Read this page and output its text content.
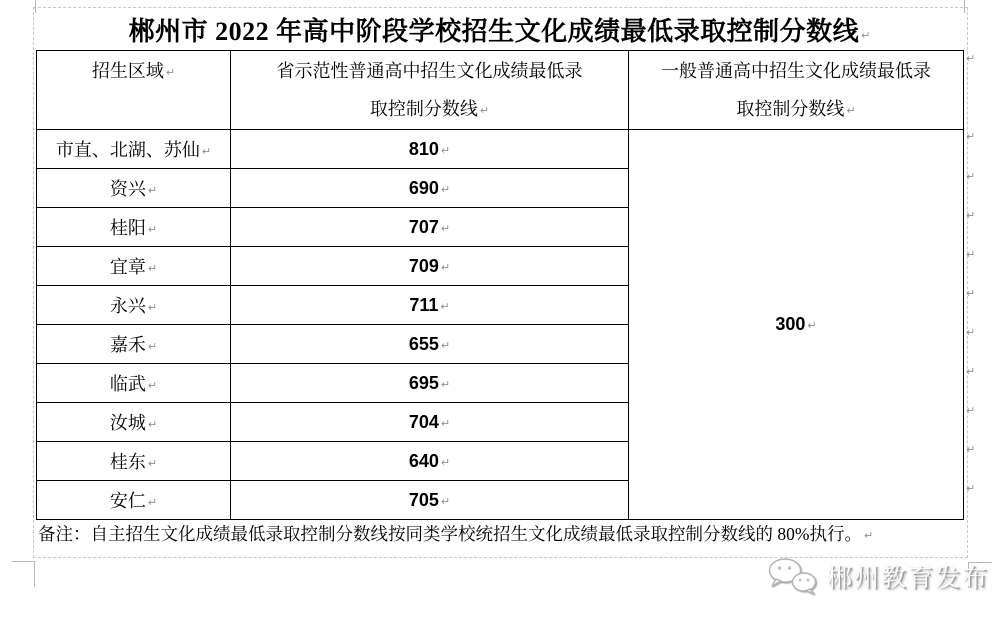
郴州市 2022 年高中阶段学校招生文化成绩最低录取控制分数线 ↵
招生区域 ↵	省示范性普通高中招生文化成绩最低录
取控制分数线 ↵	一般普通高中招生文化成绩最低录
取控制分数线 ↵

市直、北湖、苏仙 ↵	810 ↵	300 ↵
资兴 ↵	690 ↵	
桂阳 ↵	707 ↵	
宜章 ↵	709 ↵	
永兴 ↵	711 ↵	
嘉禾 ↵	655 ↵	
临武 ↵	695 ↵	
汝城 ↵	704 ↵	
桂东 ↵	640 ↵	
安仁 ↵	705 ↵	
↵
↵
↵
↵
↵
↵
↵
↵
↵
↵
↵
备注：自主招生文化成绩最低录取控制分数线按同类学校统招生文化成绩最低录取控制分数线的 80%执行。 ↵
郴州教育发布
